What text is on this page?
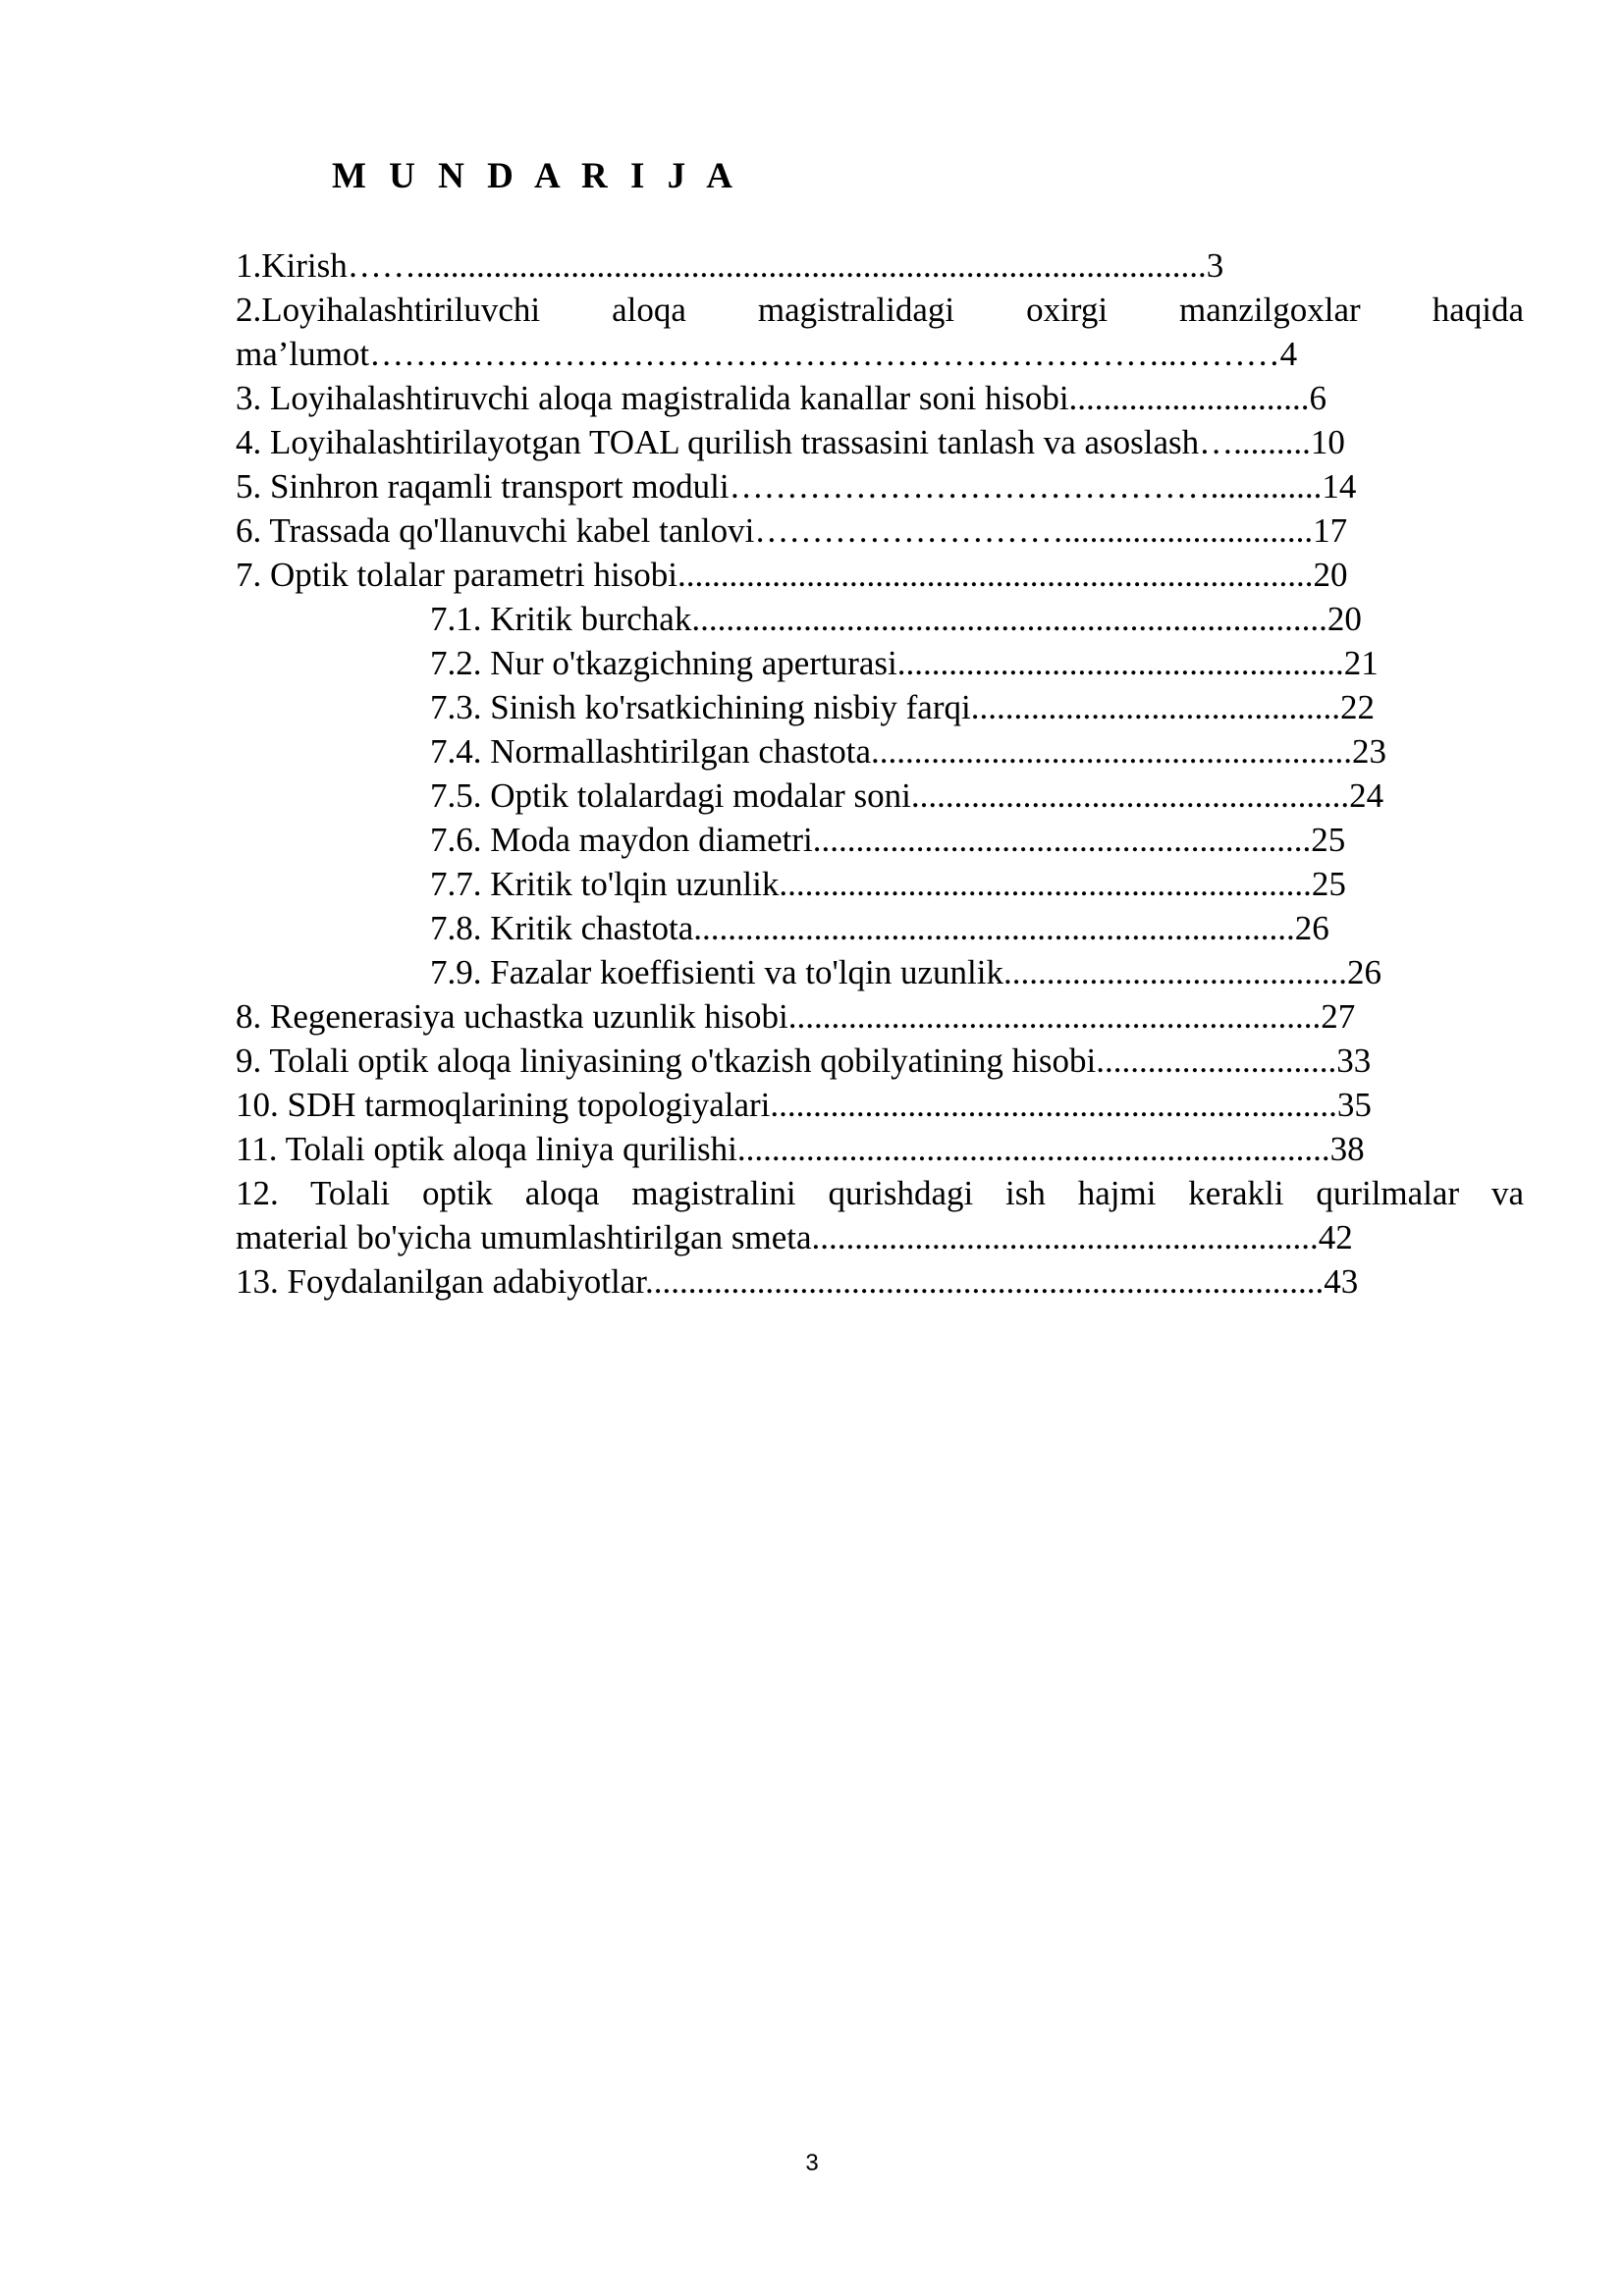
M U N D A R I J A
1.Kirish……............................................................................................3
2.Loyihalashtiriluvchi aloqa magistralidagi oxirgi manzilgoxlar haqida
ma’lumot……………………………………………………………..………4
3. Loyihalashtiruvchi aloqa magistralida kanallar soni hisobi............................6
4. Loyihalashtirilayotgan TOAL qurilish trassasini tanlash va asoslash….........10
5. Sinhron raqamli transport moduli…………………………………….............14
6. Trassada qo'llanuvchi kabel tanlovi……………………….............................17
7. Optik tolalar parametri hisobi..........................................................................20
7.1. Kritik burchak..........................................................................20
7.2. Nur o'tkazgichning aperturasi....................................................21
7.3. Sinish ko'rsatkichining nisbiy farqi...........................................22
7.4. Normallashtirilgan chastota........................................................23
7.5. Optik tolalardagi modalar soni...................................................24
7.6. Moda maydon diametri..........................................................25
7.7. Kritik to'lqin uzunlik..............................................................25
7.8. Kritik chastota......................................................................26
7.9. Fazalar koeffisienti va to'lqin uzunlik........................................26
8. Regenerasiya uchastka uzunlik hisobi..............................................................27
9. Tolali optik aloqa liniyasining o'tkazish qobilyatining hisobi............................33
10. SDH tarmoqlarining topologiyalari..................................................................35
11. Tolali optik aloqa liniya qurilishi.....................................................................38
12. Tolali optik aloqa magistralini qurishdagi ish hajmi kerakli qurilmalar va
material bo'yicha umumlashtirilgan smeta...........................................................42
13. Foydalanilgan adabiyotlar...............................................................................43
3
